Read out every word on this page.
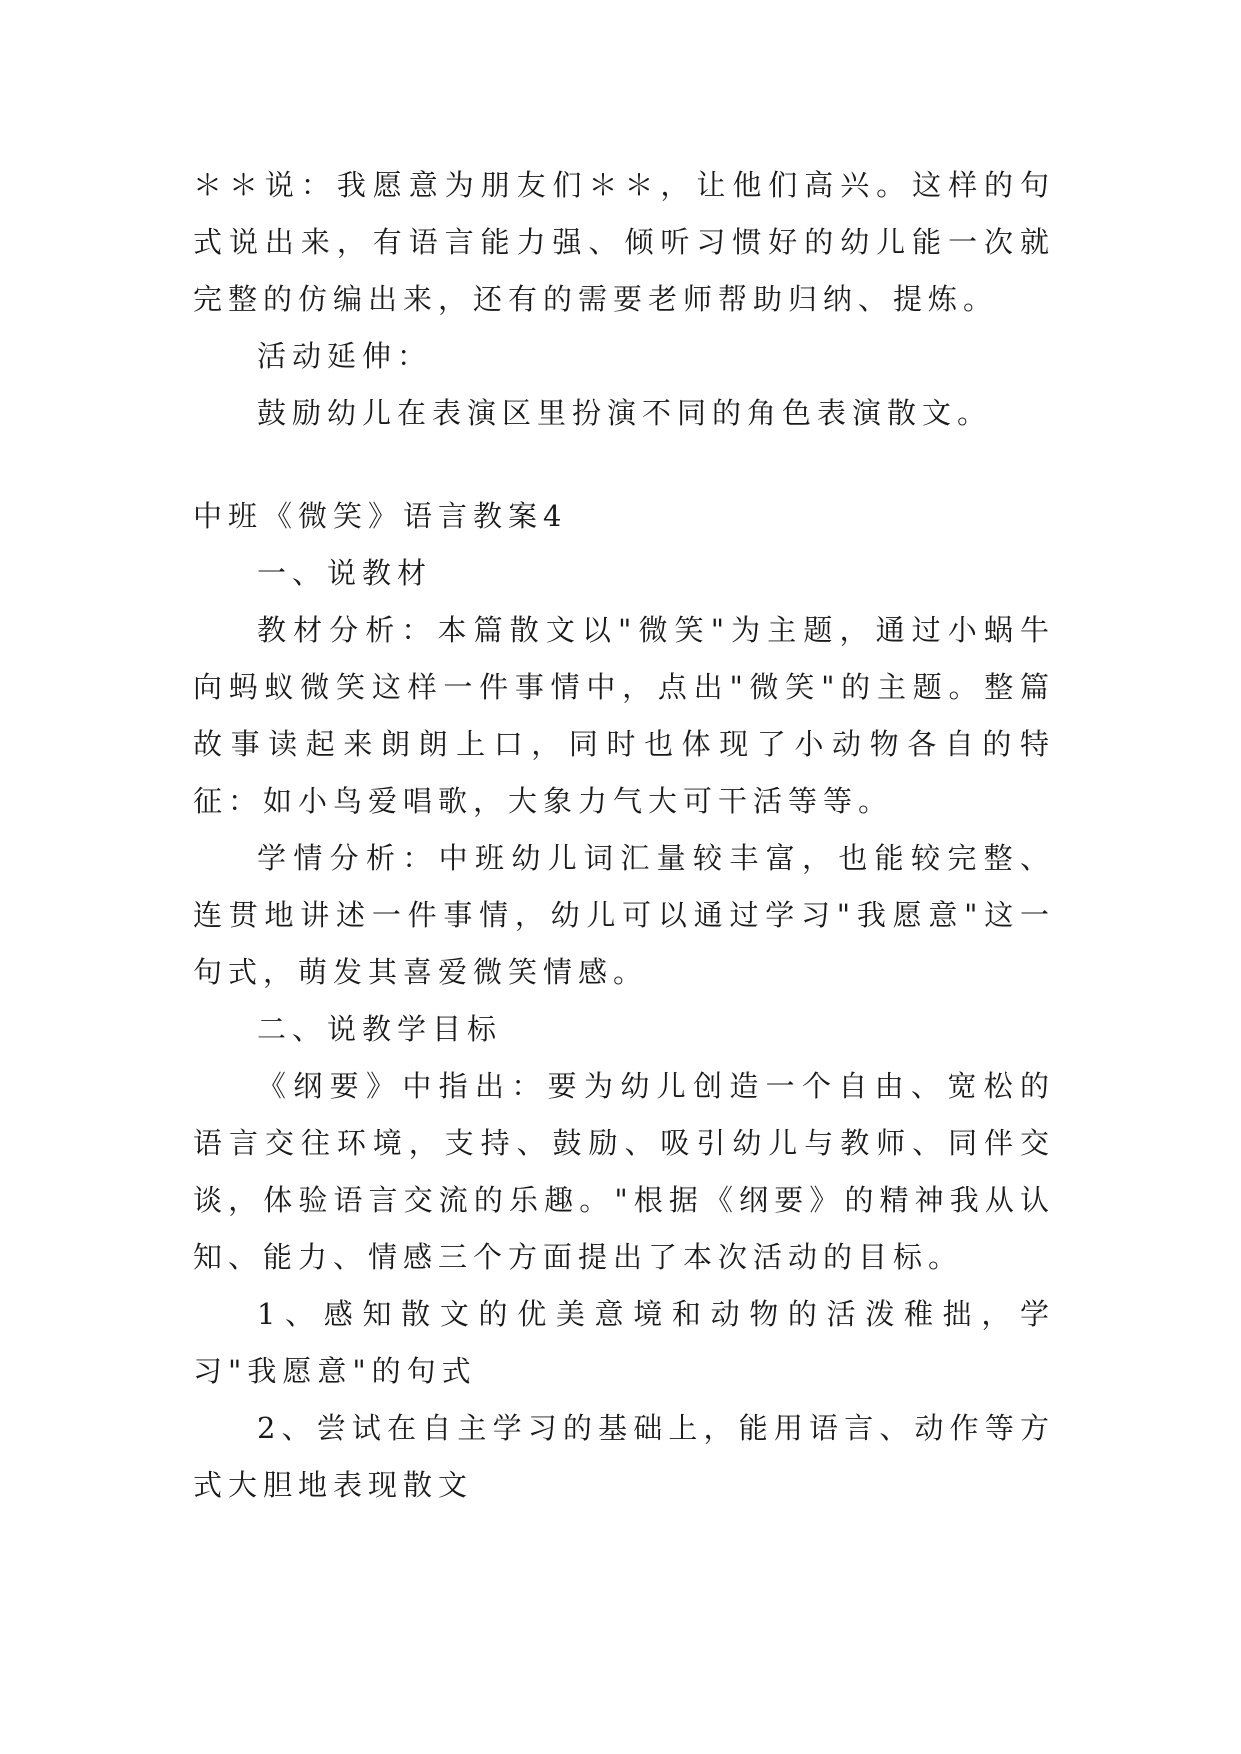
＊＊说：我愿意为朋友们＊＊，让他们高兴。这样的句式说出来，有语言能力强、倾听习惯好的幼儿能一次就完整的仿编出来，还有的需要老师帮助归纳、提炼。

活动延伸：

鼓励幼儿在表演区里扮演不同的角色表演散文。

中班《微笑》语言教案4

一、说教材

教材分析：本篇散文以"微笑"为主题，通过小蜗牛向蚂蚁微笑这样一件事情中，点出"微笑"的主题。整篇故事读起来朗朗上口，同时也体现了小动物各自的特征：如小鸟爱唱歌，大象力气大可干活等等。

学情分析：中班幼儿词汇量较丰富，也能较完整、连贯地讲述一件事情，幼儿可以通过学习"我愿意"这一句式，萌发其喜爱微笑情感。

二、说教学目标

《纲要》中指出：要为幼儿创造一个自由、宽松的语言交往环境，支持、鼓励、吸引幼儿与教师、同伴交谈，体验语言交流的乐趣。"根据《纲要》的精神我从认知、能力、情感三个方面提出了本次活动的目标。

1、感知散文的优美意境和动物的活泼稚拙，学习"我愿意"的句式

2、尝试在自主学习的基础上，能用语言、动作等方式大胆地表现散文
